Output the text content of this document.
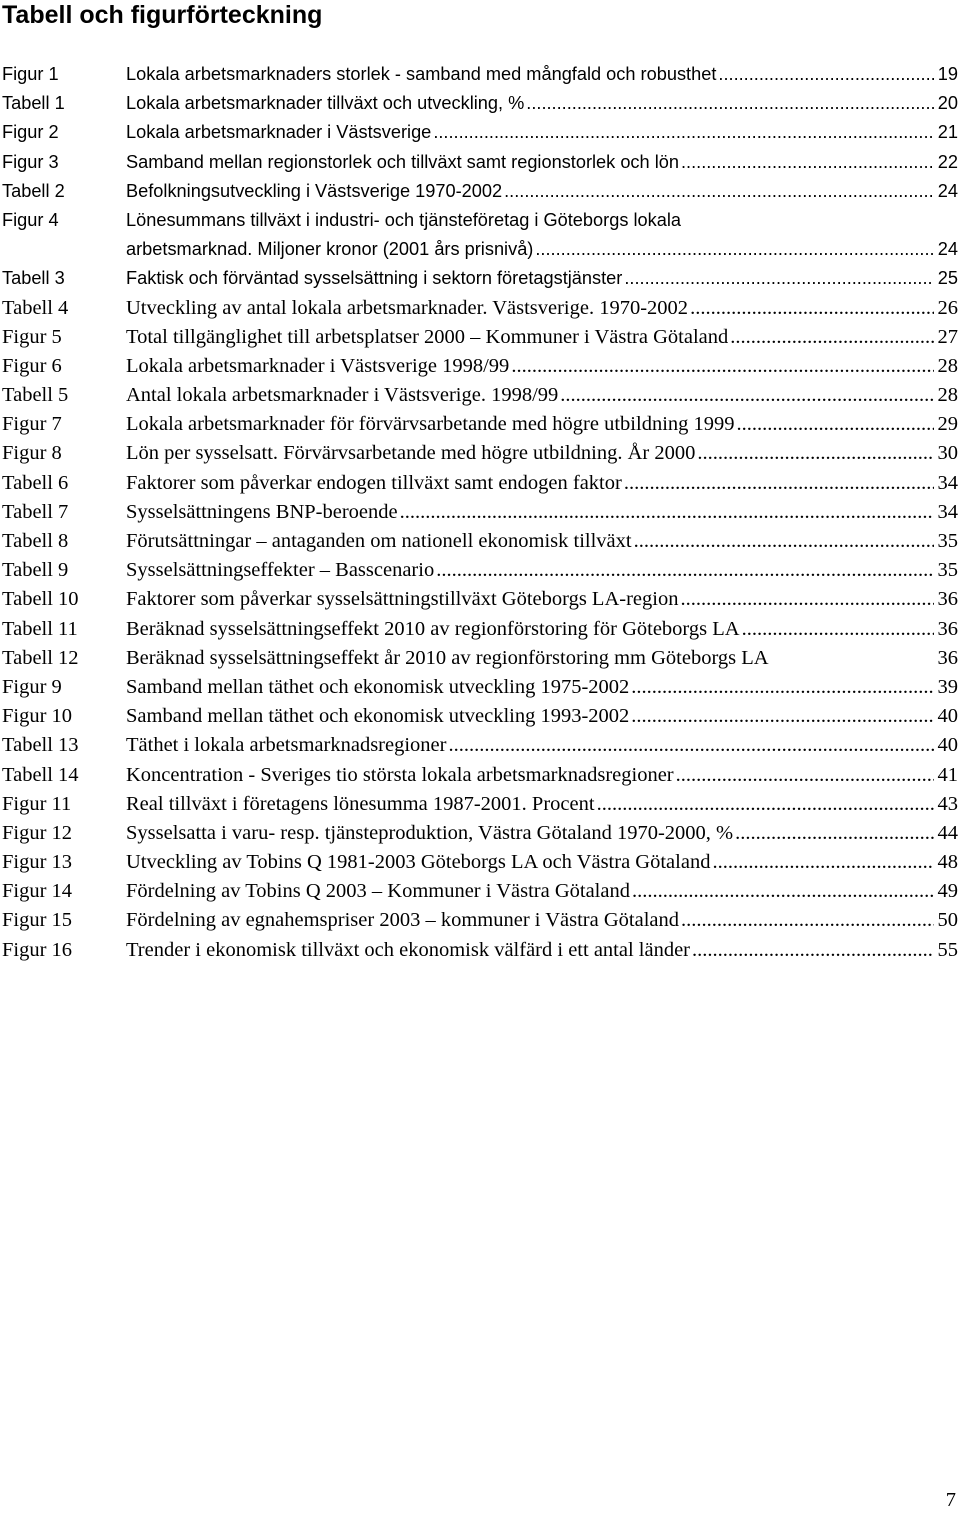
Tabell och figurförteckning
Figur 1	Lokala arbetsmarknaders storlek - samband med mångfald och robusthet .....	19
Tabell 1	Lokala arbetsmarknader tillväxt och utveckling, % .....	20
Figur 2	Lokala arbetsmarknader i Västsverige .....	21
Figur 3	Samband mellan regionstorlek och tillväxt samt regionstorlek och lön .....	22
Tabell 2	Befolkningsutveckling i Västsverige 1970-2002 .....	24
Figur 4	Lönesummans tillväxt i industri- och tjänsteföretag i Göteborgs lokala
arbetsmarknad. Miljoner kronor (2001 års prisnivå) .....	24
Tabell 3	Faktisk och förväntad sysselsättning i sektorn företagstjänster .....	25
Tabell 4	Utveckling av antal lokala arbetsmarknader. Västsverige. 1970-2002 .....	26
Figur 5	Total tillgänglighet till arbetsplatser 2000 – Kommuner i Västra Götaland .....	27
Figur 6	Lokala arbetsmarknader i Västsverige 1998/99 .....	28
Tabell 5	Antal lokala arbetsmarknader i Västsverige. 1998/99 .....	28
Figur 7	Lokala arbetsmarknader för förvärvsarbetande med högre utbildning 1999 .....	29
Figur 8	Lön per sysselsatt. Förvärvsarbetande med högre utbildning. År 2000 .....	30
Tabell 6	Faktorer som påverkar endogen tillväxt samt endogen faktor .....	34
Tabell 7	Sysselsättningens BNP-beroende .....	34
Tabell 8	Förutsättningar – antaganden om nationell ekonomisk tillväxt .....	35
Tabell 9	Sysselsättningseffekter – Basscenario .....	35
Tabell 10 Faktorer som påverkar sysselsättningstillväxt Göteborgs LA-region .....	36
Tabell 11 Beräknad sysselsättningseffekt 2010 av regionförstoring för Göteborgs LA .....	36
Tabell 12 Beräknad sysselsättningseffekt år 2010 av regionförstoring mm Göteborgs LA	36
Figur 9	Samband mellan täthet och ekonomisk utveckling 1975-2002 .....	39
Figur 10	Samband mellan täthet och ekonomisk utveckling 1993-2002 .....	40
Tabell 13 Täthet i lokala arbetsmarknadsregioner .....	40
Tabell 14 Koncentration - Sveriges tio största lokala arbetsmarknadsregioner .....	41
Figur 11	Real tillväxt i företagens lönesumma 1987-2001. Procent .....	43
Figur 12	Sysselsatta i varu- resp. tjänsteproduktion, Västra Götaland 1970-2000, % .....	44
Figur 13	Utveckling av Tobins Q 1981-2003 Göteborgs LA och Västra Götaland .....	48
Figur 14	Fördelning av Tobins Q 2003 – Kommuner i Västra Götaland .....	49
Figur 15	Fördelning av egnahemspriser 2003 – kommuner i Västra Götaland .....	50
Figur 16	Trender i ekonomisk tillväxt och ekonomisk välfärd i ett antal länder .....	55
7
